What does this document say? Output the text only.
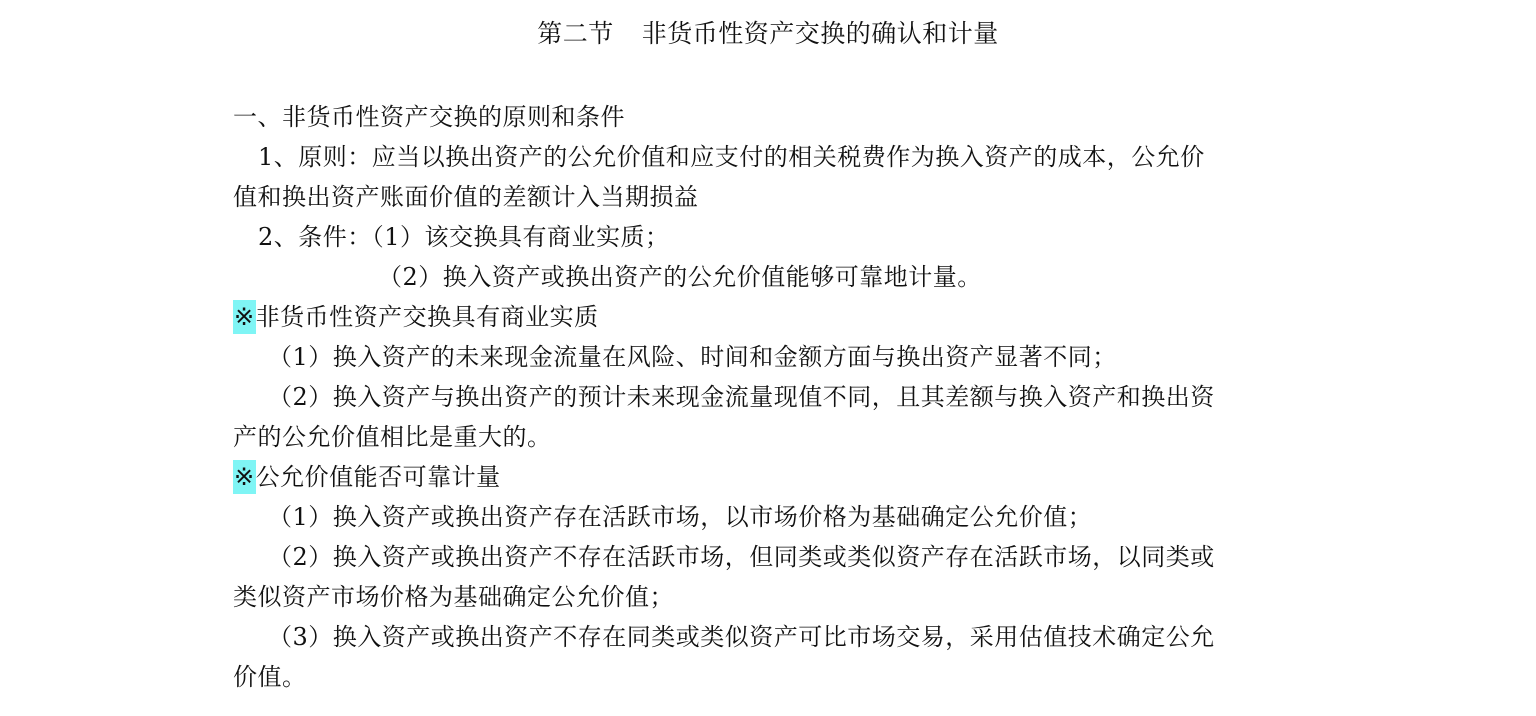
第二节 非货币性资产交换的确认和计量
一、非货币性资产交换的原则和条件
1、原则：应当以换出资产的公允价值和应支付的相关税费作为换入资产的成本，公允价
值和换出资产账面价值的差额计入当期损益
2、条件：（1）该交换具有商业实质；
（2）换入资产或换出资产的公允价值能够可靠地计量。
※非货币性资产交换具有商业实质
（1）换入资产的未来现金流量在风险、时间和金额方面与换出资产显著不同；
（2）换入资产与换出资产的预计未来现金流量现值不同，且其差额与换入资产和换出资
产的公允价值相比是重大的。
※公允价值能否可靠计量
（1）换入资产或换出资产存在活跃市场，以市场价格为基础确定公允价值；
（2）换入资产或换出资产不存在活跃市场，但同类或类似资产存在活跃市场，以同类或
类似资产市场价格为基础确定公允价值；
（3）换入资产或换出资产不存在同类或类似资产可比市场交易，采用估值技术确定公允
价值。
